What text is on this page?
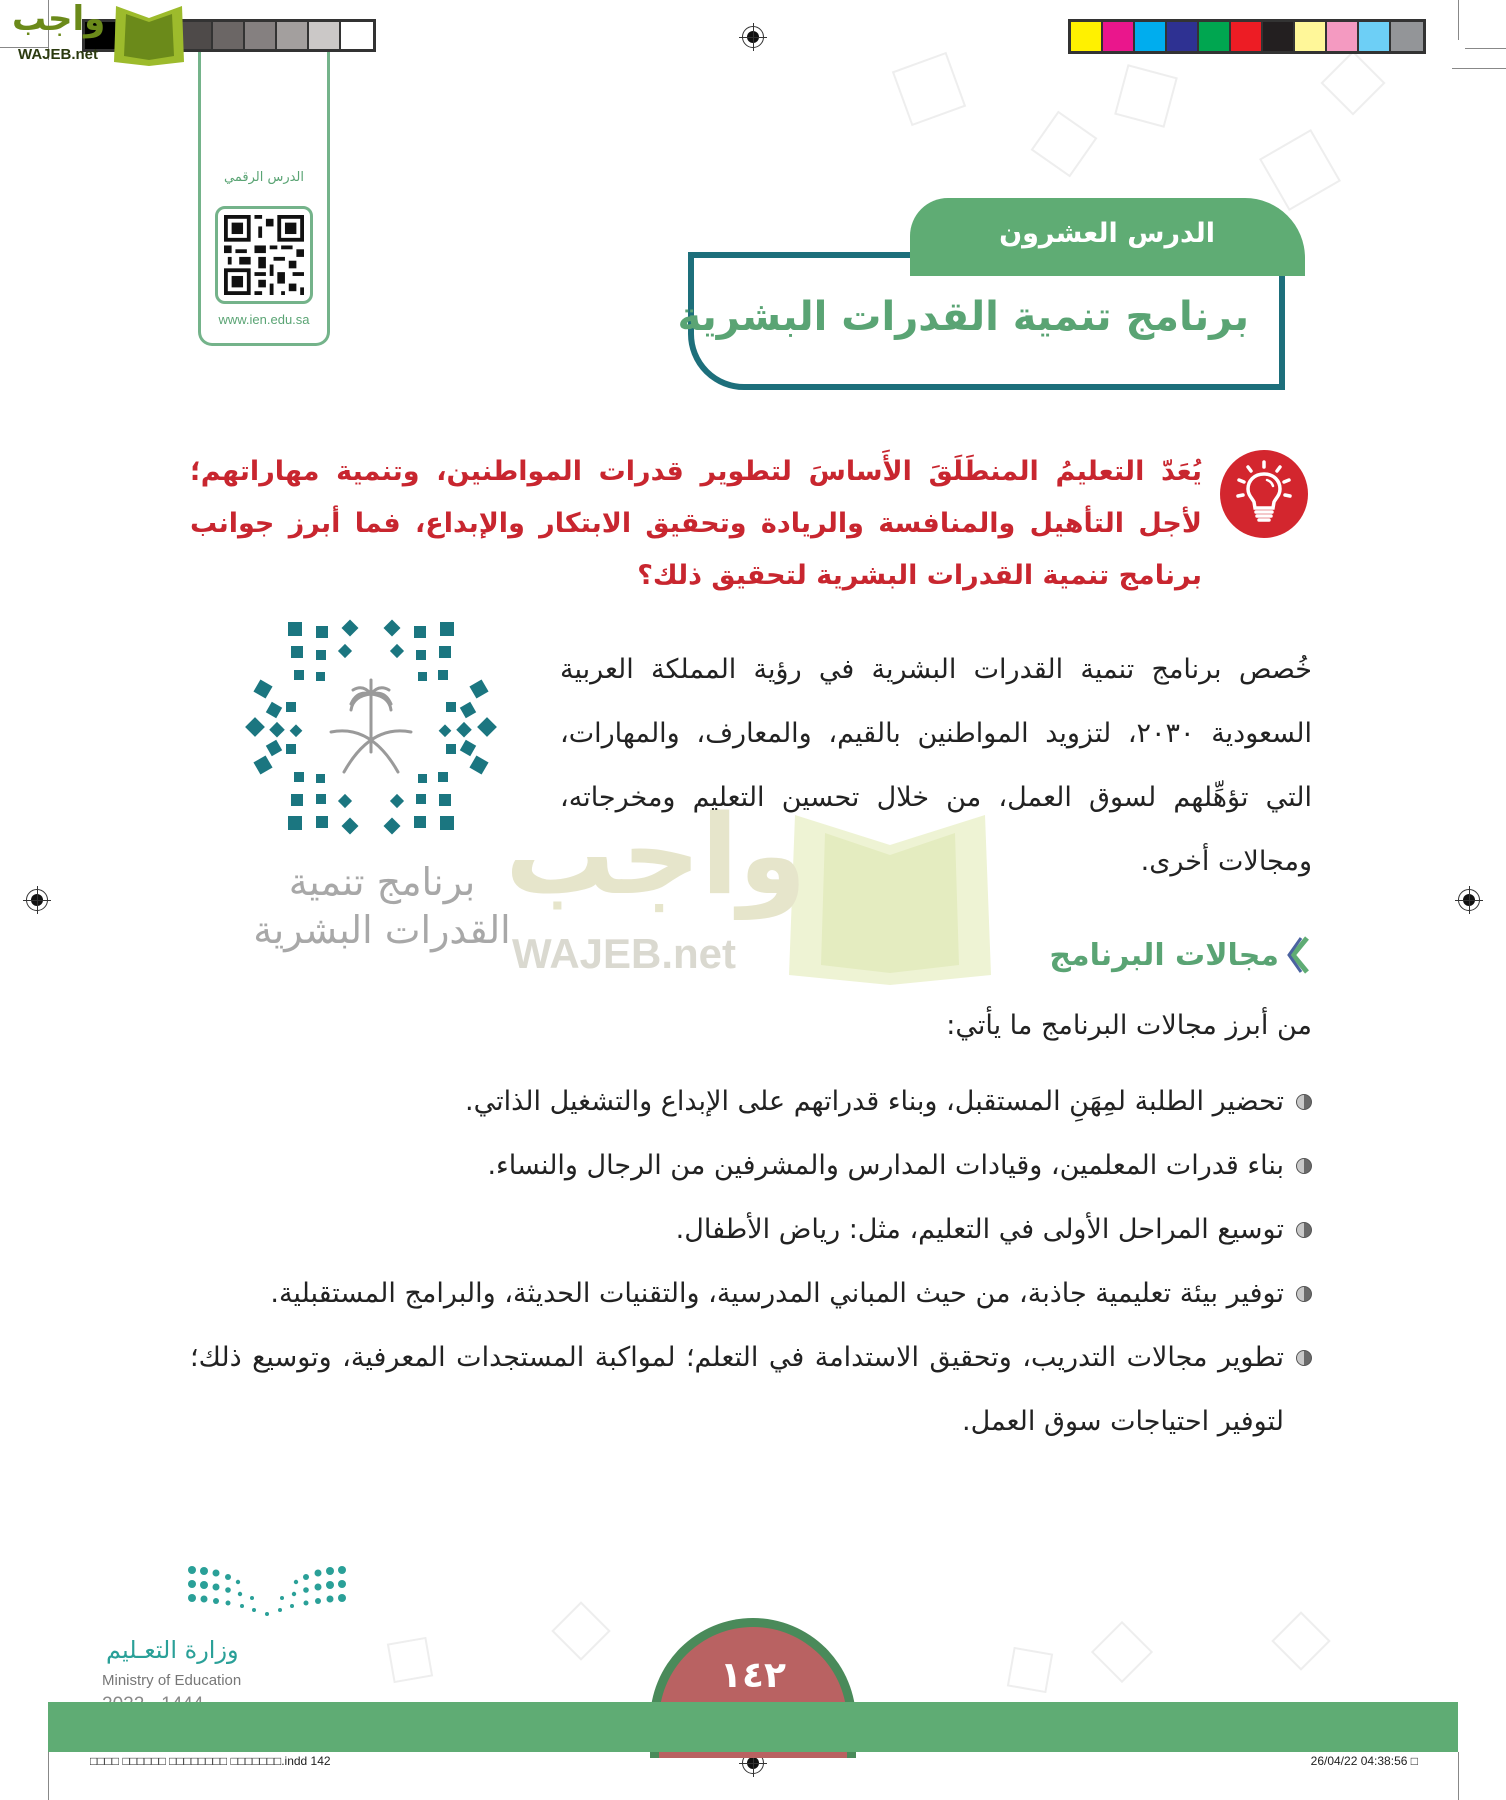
واجب
WAJEB.net
الدرس الرقمي
www.ien.edu.sa	برنامج تنمية القدرات البشرية
الدرس العشرون
يُعَدّ التعليمُ المنطَلَقَ الأَساسَ لتطوير قدرات المواطنين، وتنمية مهاراتهم؛ لأجل التأهيل والمنافسة والريادة وتحقيق الابتكار والإبداع، فما أبرز جوانب برنامج تنمية القدرات البشرية لتحقيق ذلك؟
برنامج تنمية
القدرات البشرية
واجب
WAJEB.net
خُصص برنامج تنمية القدرات البشرية في رؤية المملكة العربية السعودية ٢٠٣٠، لتزويد المواطنين بالقيم، والمعارف، والمهارات، التي تؤهِّلهم لسوق العمل، من خلال تحسين التعليم ومخرجاته، ومجالات أخرى.
مجالات البرنامج
من أبرز مجالات البرنامج ما يأتي:
تحضير الطلبة لمِهَنِ المستقبل، وبناء قدراتهم على الإبداع والتشغيل الذاتي.
بناء قدرات المعلمين، وقيادات المدارس والمشرفين من الرجال والنساء.
توسيع المراحل الأولى في التعليم، مثل: رياض الأطفال.
توفير بيئة تعليمية جاذبة، من حيث المباني المدرسية، والتقنيات الحديثة، والبرامج المستقبلية.
تطوير مجالات التدريب، وتحقيق الاستدامة في التعلم؛ لمواكبة المستجدات المعرفية، وتوسيع ذلك؛ لتوفير احتياجات سوق العمل.
وزارة التعـليم
Ministry of Education	١٤٢
□□□□ □□□□□□ □□□□□□□□ □□□□□□□.indd 142	26/04/22 04:38:56 □
